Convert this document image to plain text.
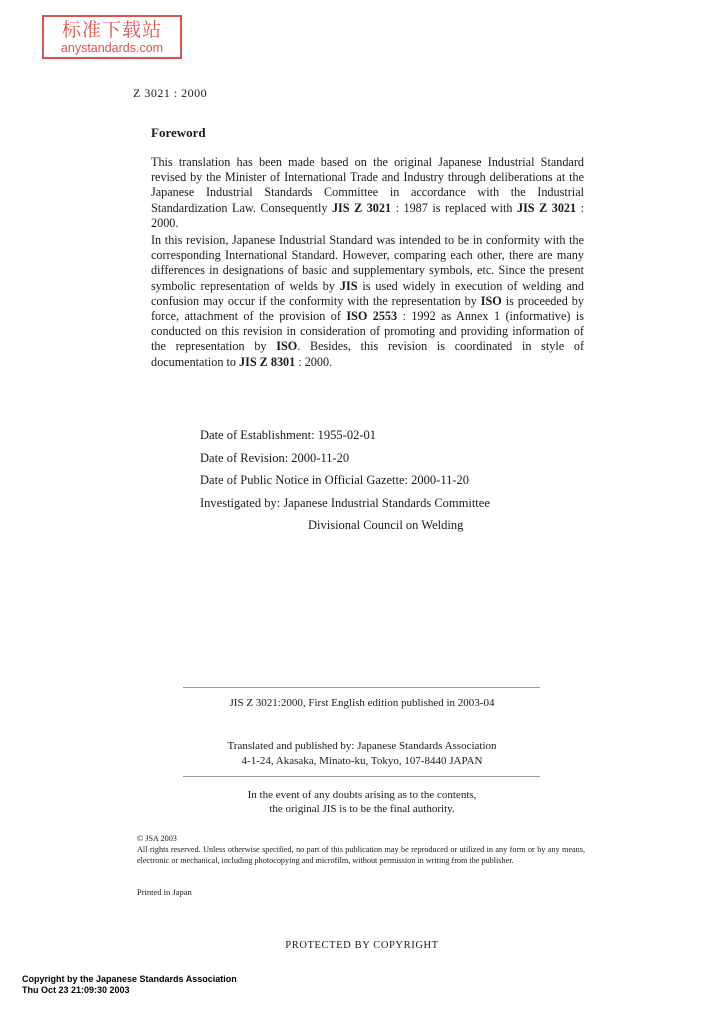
标准下载站
anystandards.com
Z 3021 : 2000
Foreword
This translation has been made based on the original Japanese Industrial Standard revised by the Minister of International Trade and Industry through deliberations at the Japanese Industrial Standards Committee in accordance with the Industrial Standardization Law. Consequently JIS Z 3021 : 1987 is replaced with JIS Z 3021 : 2000.
In this revision, Japanese Industrial Standard was intended to be in conformity with the corresponding International Standard. However, comparing each other, there are many differences in designations of basic and supplementary symbols, etc. Since the present symbolic representation of welds by JIS is used widely in execution of welding and confusion may occur if the conformity with the representation by ISO is proceeded by force, attachment of the provision of ISO 2553 : 1992 as Annex 1 (informative) is conducted on this revision in consideration of promoting and providing information of the representation by ISO. Besides, this revision is coordinated in style of documentation to JIS Z 8301 : 2000.
Date of Establishment: 1955-02-01
Date of Revision: 2000-11-20
Date of Public Notice in Official Gazette: 2000-11-20
Investigated by: Japanese Industrial Standards Committee
Divisional Council on Welding
JIS Z 3021:2000, First English edition published in 2003-04
Translated and published by: Japanese Standards Association
4-1-24, Akasaka, Minato-ku, Tokyo, 107-8440 JAPAN
In the event of any doubts arising as to the contents,
the original JIS is to be the final authority.
© JSA 2003
All rights reserved. Unless otherwise specified, no part of this publication may be reproduced or utilized in any form or by any means, electronic or mechanical, including photocopying and microfilm, without permission in writing from the publisher.
Printed in Japan
PROTECTED BY COPYRIGHT
Copyright by the Japanese Standards Association
Thu Oct 23 21:09:30 2003
